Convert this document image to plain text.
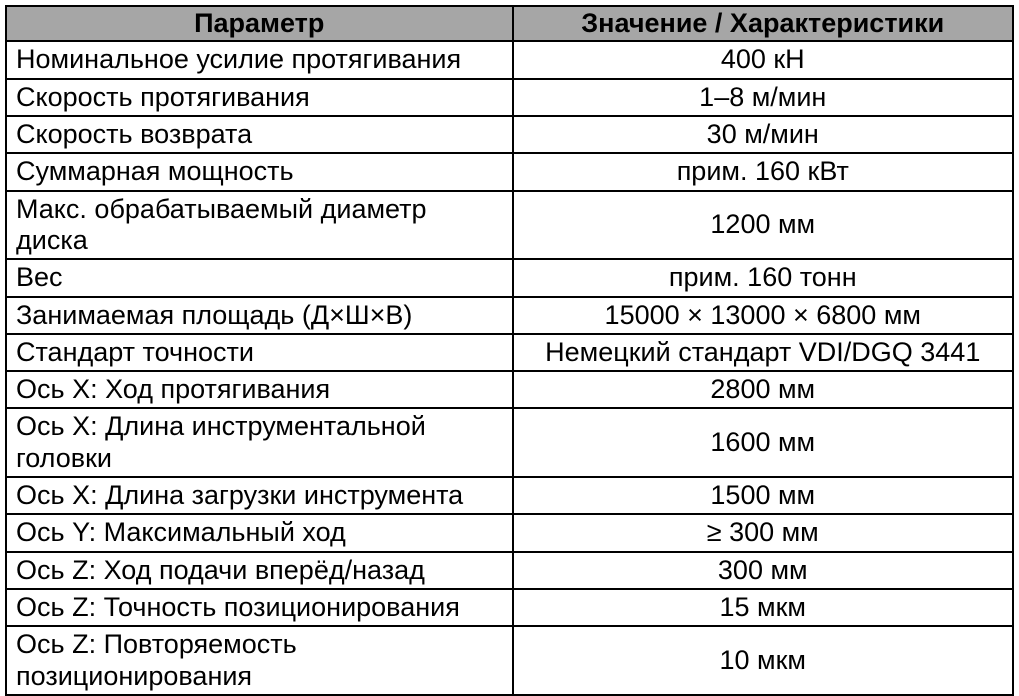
Параметр	Значение / Характеристики
Номинальное усилие протягивания	400 кН
Скорость протягивания	1–8 м/мин
Скорость возврата	30 м/мин
Суммарная мощность	прим. 160 кВт
Макс. обрабатываемый диаметр диска	1200 мм
Вес	прим. 160 тонн
Занимаемая площадь (Д×Ш×В)	15000 × 13000 × 6800 мм
Стандарт точности	Немецкий стандарт VDI/DGQ 3441
Ось X: Ход протягивания	2800 мм
Ось X: Длина инструментальной головки	1600 мм
Ось X: Длина загрузки инструмента	1500 мм
Ось Y: Максимальный ход	≥ 300 мм
Ось Z: Ход подачи вперёд/назад	300 мм
Ось Z: Точность позиционирования	15 мкм
Ось Z: Повторяемость позиционирования	10 мкм
